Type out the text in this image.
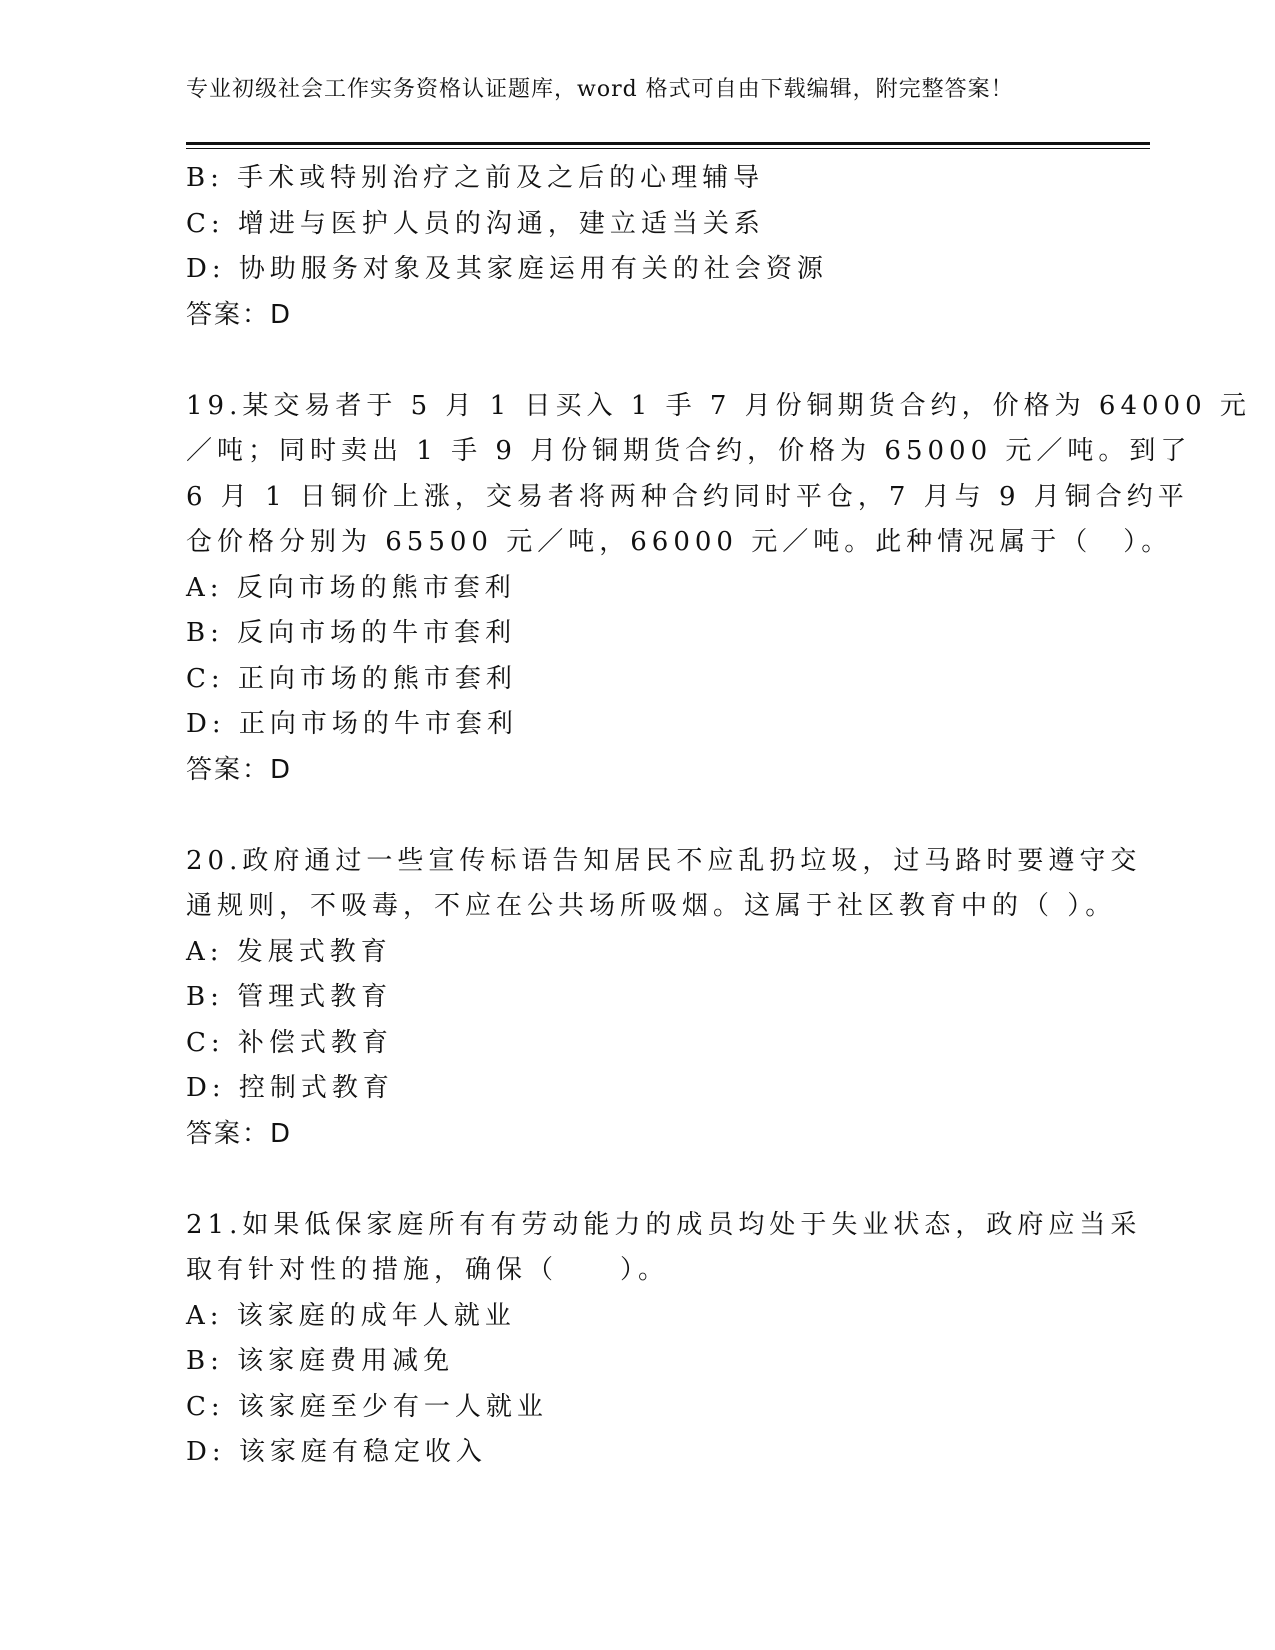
专业初级社会工作实务资格认证题库，word 格式可自由下载编辑，附完整答案！
B: 手术或特别治疗之前及之后的心理辅导
C: 增进与医护人员的沟通，建立适当关系
D: 协助服务对象及其家庭运用有关的社会资源
答案：D
19.某交易者于 5 月 1 日买入 1 手 7 月份铜期货合约，价格为 64000 元
／吨；同时卖出 1 手 9 月份铜期货合约，价格为 65000 元／吨。到了
6 月 1 日铜价上涨，交易者将两种合约同时平仓，7 月与 9 月铜合约平
仓价格分别为 65500 元／吨，66000 元／吨。此种情况属于（　）。
A: 反向市场的熊市套利
B: 反向市场的牛市套利
C: 正向市场的熊市套利
D: 正向市场的牛市套利
答案：D
20.政府通过一些宣传标语告知居民不应乱扔垃圾，过马路时要遵守交
通规则，不吸毒，不应在公共场所吸烟。这属于社区教育中的（ ）。
A: 发展式教育
B: 管理式教育
C: 补偿式教育
D: 控制式教育
答案：D
21.如果低保家庭所有有劳动能力的成员均处于失业状态，政府应当采
取有针对性的措施，确保（　　）。
A: 该家庭的成年人就业
B: 该家庭费用减免
C: 该家庭至少有一人就业
D: 该家庭有稳定收入
